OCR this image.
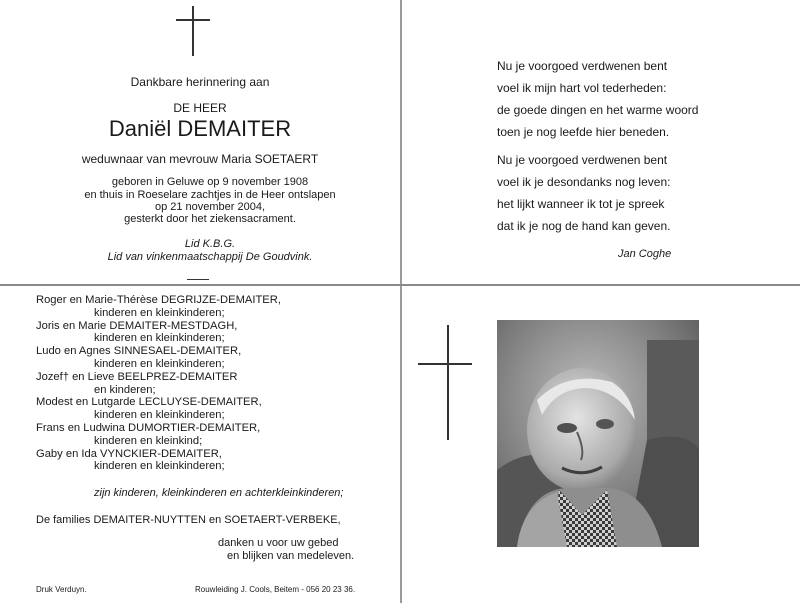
Dankbare herinnering aan
DE HEER
Daniël DEMAITER
weduwnaar van mevrouw Maria SOETAERT
geboren in Geluwe op 9 november 1908
en thuis in Roeselare zachtjes in de Heer ontslapen
op 21 november 2004,
gesterkt door het ziekensacrament.
Lid K.B.G.
Lid van vinkenmaatschappij De Goudvink.

Nu je voorgoed verdwenen bent

voel ik mijn hart vol tederheden:

de goede dingen en het warme woord

toen je nog leefde hier beneden.

Nu je voorgoed verdwenen bent

voel ik je desondanks nog leven:

het lijkt wanneer ik tot je spreek

dat ik je nog de hand kan geven.

Jan Coghe
Roger en Marie-Thérèse DEGRIJZE-DEMAITER,
kinderen en kleinkinderen;
Joris en Marie DEMAITER-MESTDAGH,
kinderen en kleinkinderen;
Ludo en Agnes SINNESAEL-DEMAITER,
kinderen en kleinkinderen;
Jozef† en Lieve BEELPREZ-DEMAITER
en kinderen;
Modest en Lutgarde LECLUYSE-DEMAITER,
kinderen en kleinkinderen;
Frans en Ludwina DUMORTIER-DEMAITER,
kinderen en kleinkind;
Gaby en Ida VYNCKIER-DEMAITER,
kinderen en kleinkinderen;
zijn kinderen, kleinkinderen en achterkleinkinderen;
De families DEMAITER-NUYTTEN en SOETAERT-VERBEKE,
danken u voor uw gebed
en blijken van medeleven.
Druk Verduyn.	Rouwleiding J. Cools, Beitem - 056 20 23 36.
